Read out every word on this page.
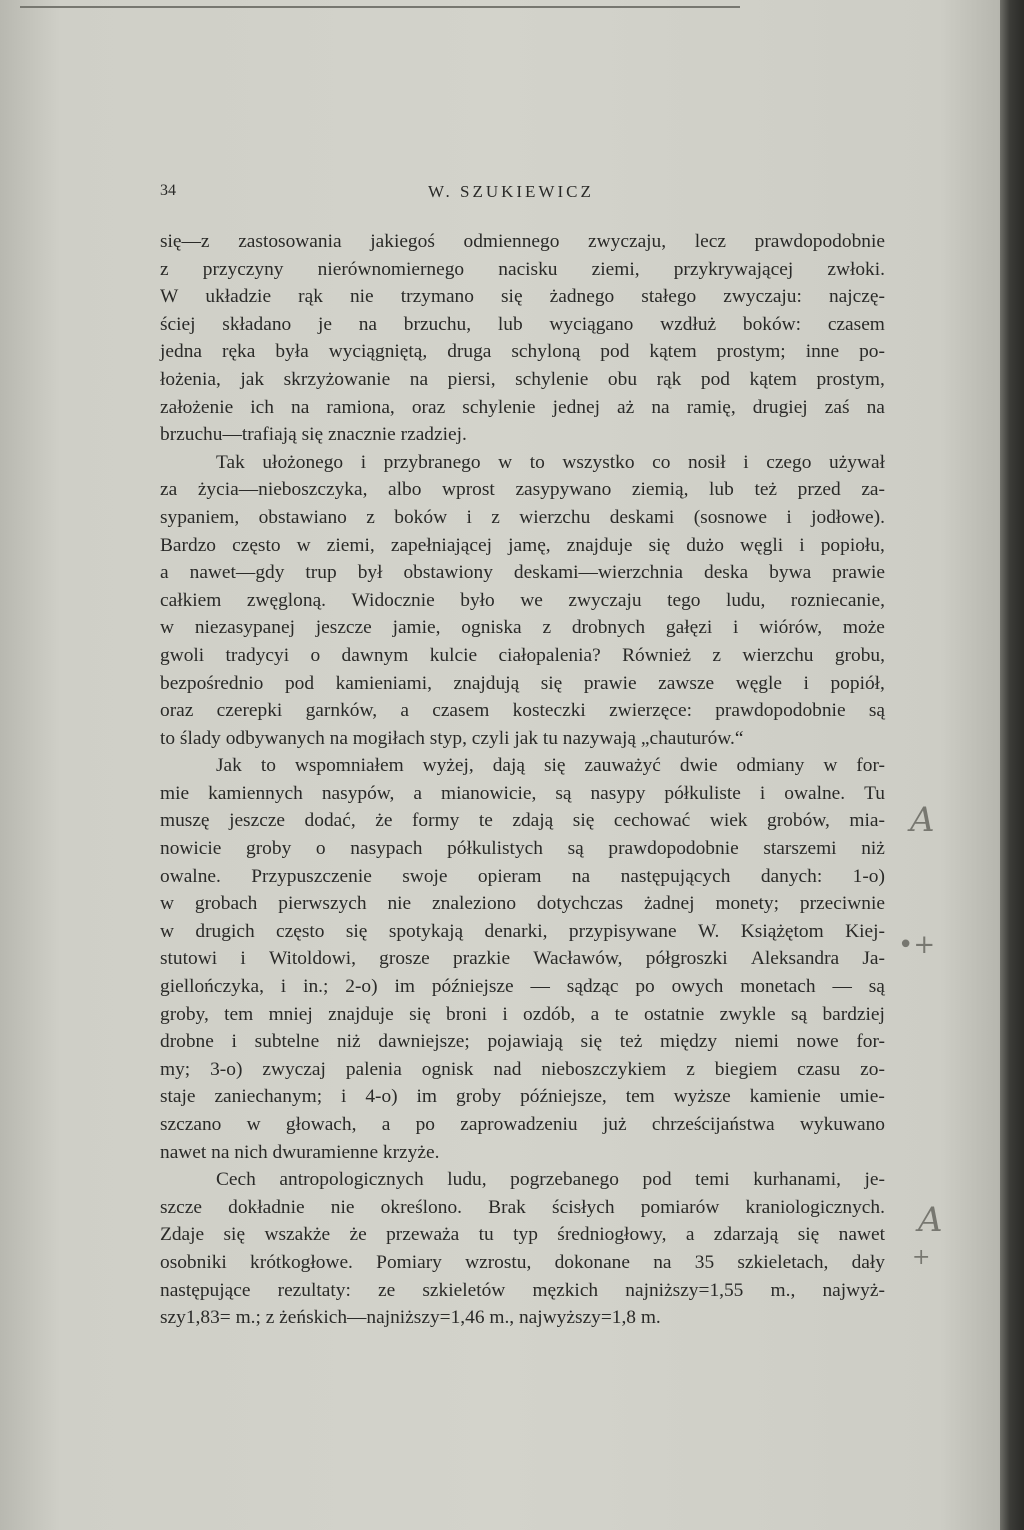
34	W. SZUKIEWICZ
się—z zastosowania jakiegoś odmiennego zwyczaju, lecz prawdopodobnie
z przyczyny nierównomiernego nacisku ziemi, przykrywającej zwłoki.
W układzie rąk nie trzymano się żadnego stałego zwyczaju: najczę-
ściej składano je na brzuchu, lub wyciągano wzdłuż boków: czasem
jedna ręka była wyciągniętą, druga schyloną pod kątem prostym; inne po-
łożenia, jak skrzyżowanie na piersi, schylenie obu rąk pod kątem prostym,
założenie ich na ramiona, oraz schylenie jednej aż na ramię, drugiej zaś na
brzuchu—trafiają się znacznie rzadziej.
Tak ułożonego i przybranego w to wszystko co nosił i czego używał
za życia—nieboszczyka, albo wprost zasypywano ziemią, lub też przed za-
sypaniem, obstawiano z boków i z wierzchu deskami (sosnowe i jodłowe).
Bardzo często w ziemi, zapełniającej jamę, znajduje się dużo węgli i popiołu,
a nawet—gdy trup był obstawiony deskami—wierzchnia deska bywa prawie
całkiem zwęgloną. Widocznie było we zwyczaju tego ludu, rozniecanie,
w niezasypanej jeszcze jamie, ogniska z drobnych gałęzi i wiórów, może
gwoli tradycyi o dawnym kulcie ciałopalenia? Również z wierzchu grobu,
bezpośrednio pod kamieniami, znajdują się prawie zawsze węgle i popiół,
oraz czerepki garnków, a czasem kosteczki zwierzęce: prawdopodobnie są
to ślady odbywanych na mogiłach styp, czyli jak tu nazywają „chauturów.“
Jak to wspomniałem wyżej, dają się zauważyć dwie odmiany w for-
mie kamiennych nasypów, a mianowicie, są nasypy półkuliste i owalne. Tu
muszę jeszcze dodać, że formy te zdają się cechować wiek grobów, mia-
nowicie groby o nasypach półkulistych są prawdopodobnie starszemi niż
owalne. Przypuszczenie swoje opieram na następujących danych: 1-o)
w grobach pierwszych nie znaleziono dotychczas żadnej monety; przeciwnie
w drugich często się spotykają denarki, przypisywane W. Książętom Kiej-
stutowi i Witoldowi, grosze prazkie Wacławów, półgroszki Aleksandra Ja-
giellończyka, i in.; 2-o) im późniejsze — sądząc po owych monetach — są
groby, tem mniej znajduje się broni i ozdób, a te ostatnie zwykle są bardziej
drobne i subtelne niż dawniejsze; pojawiają się też między niemi nowe for-
my; 3-o) zwyczaj palenia ognisk nad nieboszczykiem z biegiem czasu zo-
staje zaniechanym; i 4-o) im groby późniejsze, tem wyższe kamienie umie-
szczano w głowach, a po zaprowadzeniu już chrześcijaństwa wykuwano
nawet na nich dwuramienne krzyże.
Cech antropologicznych ludu, pogrzebanego pod temi kurhanami, je-
szcze dokładnie nie określono. Brak ścisłych pomiarów kraniologicznych.
Zdaje się wszakże że przeważa tu typ średniogłowy, a zdarzają się nawet
osobniki krótkogłowe. Pomiary wzrostu, dokonane na 35 szkieletach, dały
następujące rezultaty: ze szkieletów męzkich najniższy=1,55 m., najwyż-
szy1,83= m.; z żeńskich—najniższy=1,46 m., najwyższy=1,8 m.
A
•+
A
+
